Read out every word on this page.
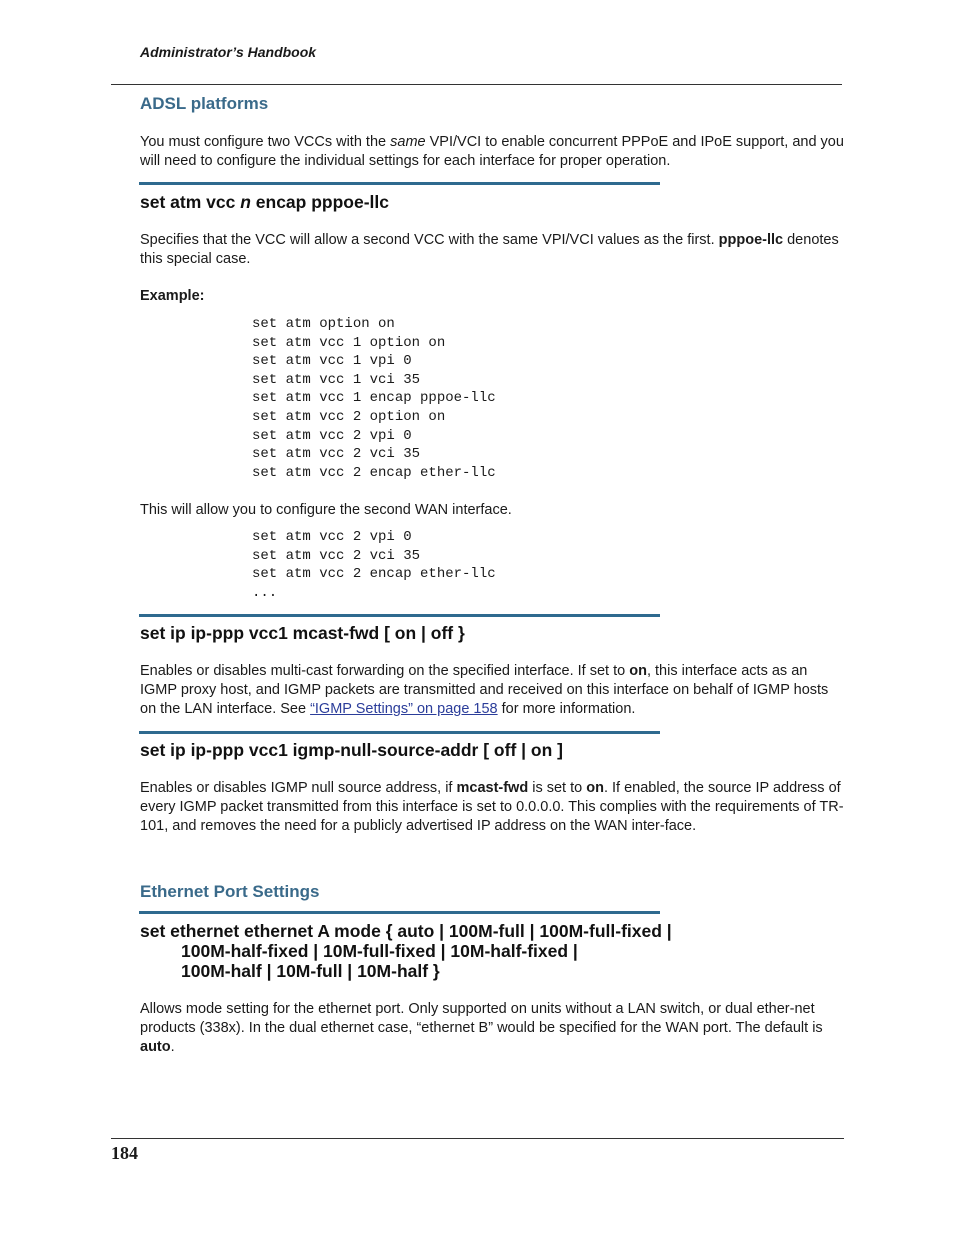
Administrator’s Handbook
ADSL platforms
You must configure two VCCs with the same VPI/VCI to enable concurrent PPPoE and IPoE support, and you will need to configure the individual settings for each interface for proper operation.
set atm vcc n encap pppoe-llc
Specifies that the VCC will allow a second VCC with the same VPI/VCI values as the first. pppoe-llc denotes this special case.
Example:
set atm option on
set atm vcc 1 option on
set atm vcc 1 vpi 0
set atm vcc 1 vci 35
set atm vcc 1 encap pppoe-llc
set atm vcc 2 option on
set atm vcc 2 vpi 0
set atm vcc 2 vci 35
set atm vcc 2 encap ether-llc
This will allow you to configure the second WAN interface.
set atm vcc 2 vpi 0
set atm vcc 2 vci 35
set atm vcc 2 encap ether-llc
...
set ip ip-ppp vcc1 mcast-fwd [ on | off }
Enables or disables multi-cast forwarding on the specified interface. If set to on, this interface acts as an IGMP proxy host, and IGMP packets are transmitted and received on this interface on behalf of IGMP hosts on the LAN interface. See “IGMP Settings” on page 158 for more information.
set ip ip-ppp vcc1 igmp-null-source-addr [ off | on ]
Enables or disables IGMP null source address, if mcast-fwd is set to on. If enabled, the source IP address of every IGMP packet transmitted from this interface is set to 0.0.0.0. This complies with the requirements of TR-101, and removes the need for a publicly advertised IP address on the WAN inter-face.
Ethernet Port Settings
set ethernet ethernet A mode { auto | 100M-full | 100M-full-fixed |
100M-half-fixed | 10M-full-fixed | 10M-half-fixed |
100M-half | 10M-full | 10M-half }
Allows mode setting for the ethernet port. Only supported on units without a LAN switch, or dual ether-net products (338x). In the dual ethernet case, “ethernet B” would be specified for the WAN port. The default is auto.
184
